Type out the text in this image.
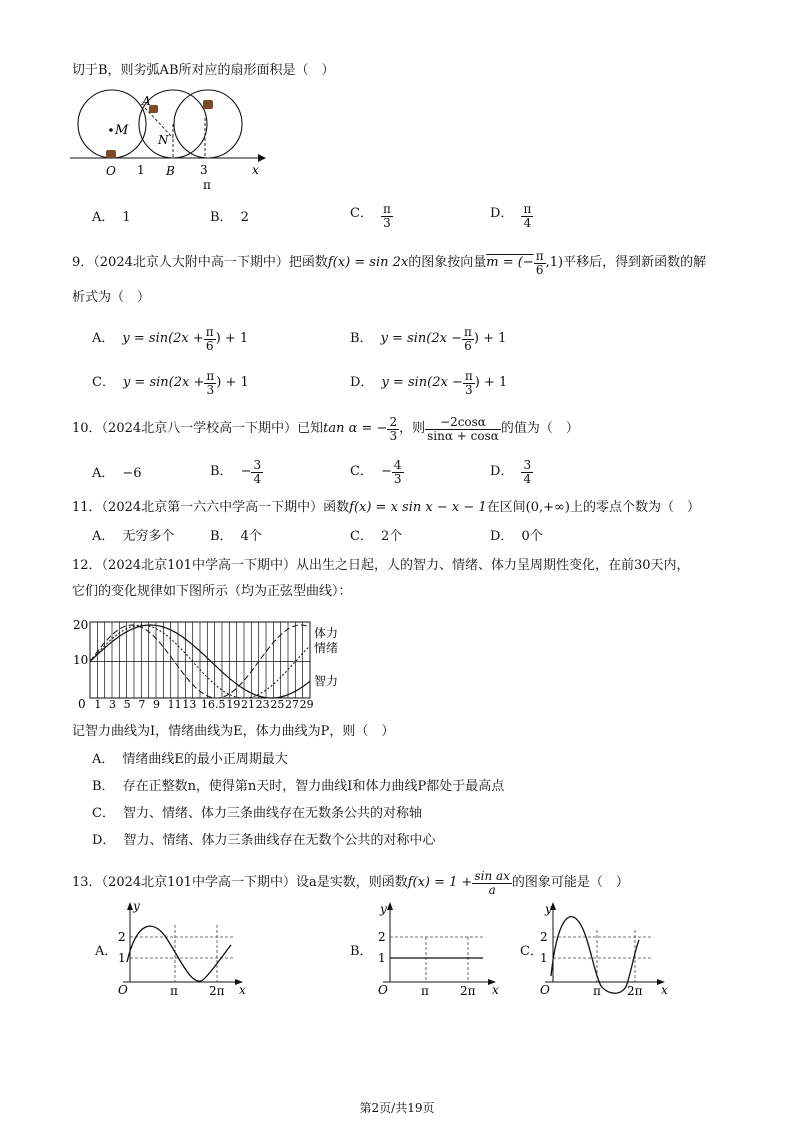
切于B，则劣弧AB所对应的扇形面积是（　）
M
A
N
O 1 B 3
π
x
A． 1	B． 2	C． $\frac{\pi}{3}$	D． $\frac{\pi}{4}$
9．（2024北京人大附中高一下期中）把函数f(x) = sin 2x的图象按向量m = (− $\frac{\pi}{6} ,1$)平移后，得到新函数的解
析式为（　）
A． $y = \sin(2x + \frac{\pi}{6}$ ) + 1	B． $y = \sin(2x - \frac{\pi}{6}$ ) + 1
C． $y = \sin(2x + \frac{\pi}{3}$ ) + 1	D． $y = \sin(2x - \frac{\pi}{3}$ ) + 1
10．（2024北京八一学校高一下期中）已知tan α = − $\frac{2}{3}$ ，则 $\frac{-2\cos\alpha}{\sin\alpha + \cos\alpha}$ 的值为（　）
A． −6	B． − $\frac{3}{4}$	C． − $\frac{4}{3}$	D． $\frac{3}{4}$
11．（2024北京第一六六中学高一下期中）函数f(x) = x sin x − x − 1在区间(0,+∞)上的零点个数为（　）
A． 无穷多个	B． 4个	C． 2个	D． 0个
12．（2024北京101中学高一下期中）从出生之日起，人的智力、情绪、体力呈周期性变化，在前30天内，
它们的变化规律如下图所示（均为正弦型曲线）：
20
10
0
体力
情绪
智力
1 3 5 7 9 11 13 16.5 19 21 23 25 27 29
记智力曲线为I，情绪曲线为E，体力曲线为P，则（　）
A． 情绪曲线E的最小正周期最大
B． 存在正整数n，使得第n天时，智力曲线I和体力曲线P都处于最高点
C． 智力、情绪、体力三条曲线存在无数条公共的对称轴
D． 智力、情绪、体力三条曲线存在无数个公共的对称中心
13．（2024北京101中学高一下期中）设a是实数，则函数$f(x) = 1 + \frac{\text{sin ax}}{a}$ 的图象可能是（　）
A．
y
2
1
O	π	2π x
B．
y
2
1
O	π	2π x
C．
y
2
1
O	π 2π x
第2页/共19页
